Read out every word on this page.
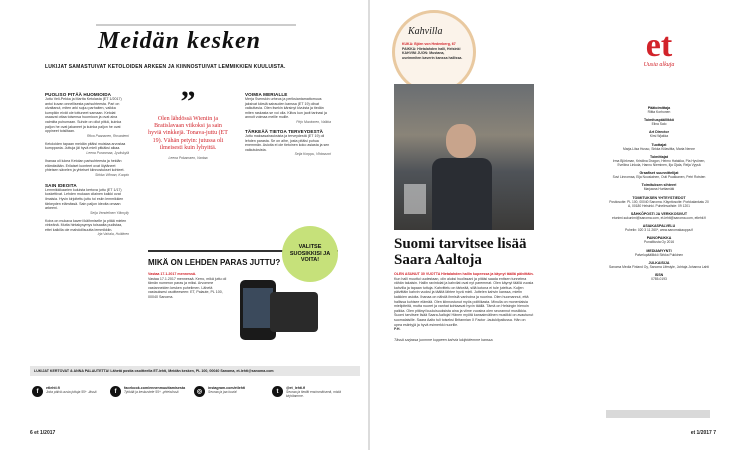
Meidän kesken
LUKIJAT SAMASTUIVAT KETOLOIDEN ARKEEN JA KIINNOSTUIVAT LEMMIKKIEN KUULUISTA.
PUOLISO PITÄÄ HUOMIOIDA
Juttu Veli-Pekka ja Martta Ketolasta (ET 1/2017) antoi kuvan onnellisesta parisuhteesta. Pari on olvaltanut, miten arki sujuu parhaiten, vaikka kumpikin eivät ole tottuneet samaan. Ketolat osaavat ottaa toisensa huomioon ja ovat aina valmiita puhumaan. Suhde on ollut pitkä, kuinka paljon he ovat jakaneet ja kuinka paljon he ovat oppineet toisiltaan.
Ritva Paananen, Rovaniemi
Ketoloiden tapaan meidän pitäisi muistaa arvostaa kumppania. Juttuja jäi hyvä mieli pitkäksi aikaa.
Leena Puranmaa, Jyväskylä
Ihanaa oli lukea Ketolan parisuhteesta ja heidän elämästään. Erilaiset luonteet ovat löytäneet yhteisen sävelen ja yhteiset kiinnostukset kohteet.
Sirkka Villman, Kuopio
SAIN IDEOITA
Lemmikkikaarien kuluista kertova juttu (ET 1/17) koskettivat. Lehden mukaan cilainen kaikki ovat ilmaisia. Hyvin kirjoitettu juttu toi esiin lemmikkien tärkeyden elämässä. Sain paljon ideoita omaan arkeeni.
Seija Vendelinen Ylämylly
Koira on mukava kaveri ikäihmiselle ja pitää mielen virkeänä. Mutta hintakysymys toisaalta pudistaa, ettei kaikilla ole mahdollisuutta lemmikkiin.
Irja Vahala, Huittinen
”
Olen lähdössä Wieniin ja Bratislavaan viikoksi ja sain hyviä vinkkejä. Tonava-juttu (ET 19). Vähän petyin: jutussa oli ilmeisesti kuin lyhyittä.
Leena Pokamaen, Vantaa
VOIMIA MERIALLE
Merja Svenskin urheus ja periksiantamattomuus jaksivat kärsiä sairauden kanssa (ET 19) olivat vaikuttavia. Olen itsekin kärsinyt kivuista ja tiedän miten raskasta se voi olla. Kiitos kun jaoit tarinasi ja annoit voimaa meille muille.
Pirjo Muotonen, Valkka
TÄRKEÄÄ TIETOA TERVEYDESTÄ
Juttu maksasairauksista ja terveydestä (ET 19) oli lehden parasta. Se on aihe, josta pitäisi puhua enemmän. Asioita ei ole tietoinen koko asiasta ja sen vaikutuksista.
Seija Korppu, Vihtavuori
MIKÄ ON LEHDEN PARAS JUTTU?
Vastaa 17.1.2017 mennessä.
Vastaa 17.1.2017 mennessä. Kerro, mikä juttu oli tämän numeron paras ja miksi. Arvomme vastanneiden kesken puhelimen. Lähetä vastauksesi osoitteeseen: ET, Palaute, PL 100, 00040 Sanoma.
VALITSE SUOSIKKISI JA VOITA!
LUKIJAT KERTOVAT & ANNA PALAUTETTA! Lähetä postia osoitteella ET-lehti, Meidän kesken, PL 100, 00040 Sanoma, et-lehti@sanoma.com
f
etlehti.fi
Joka päivä uusia juttuja 55+ -iässä	f
facebook.com/ennenmuuttamisesta
Tykkää ja keskustele 55+ -yhteisössä	◎
instagram.com/etlehti
Seuraa ja jaa kuvia!	t
@et_lehti.fi
Seuraa ja tiedät ensimmäisenä, mistä kirjoitamme.
6 et 1/2017
Kahvilla
KUKA: Björn von Hedenberg, 67
PAIKKA: Hietalahden halli, Helsinki
KAHVINI JUON: Mustana, useimmiten kaverin kanssa hallissa.
Suomi tarvitsee lisää Saara Aaltoja
OLEN ASUNUT 30 VUOTTA Hietalahden hallin kupeessa ja käynyt täällä päivittäin.
Kun halli muuttui uudestaan, olin aluksi huolissani ja pitäisi saada entisen tunnelma vähän takaisin. Hallin ravintolat ja kahvilat ovat nyt paremmat. Olen käynyt täällä vuosia kahvilla ja tapaan tuttuja. Kahvittelu on tärkeää, sillä kotona ei tule juteltua. Kuljen päivittäin kahvin vuoksi ja täältä lähtee hyvä mieli. Juttelen kahvin kanssa, mietin kaikkien asioita. Ihanaa on nähdä ihmisiä vanhoina ja nuorina. Olen huomannut, että hallissa kuhisee elämää. Olen kiinnostunut myös politiikasta. Minulla on monenlaisia mielipiteitä, mutta nuoret ja vanhat kohtaavat hyvin täällä. Tämä on Helsingin hienoin paikka. Olen pitänyt kuuluisuuksista aina ja viime vuosina olen seurannut musiikkia. Suomi tarvitsee lisää Saara Aaltoja! Hänen myötä kansainvälinen musiikki on avautunut suomalaisille. Saara Aalto tuli toiseksi Britannian X Factor -laulukilpailussa. Hän on upea esiintyjä ja hyvä esimerkki nuorille.
P.H.
Tässä sarjassa juomme kuppeen kahvia lukijoidemme kanssa.
et
Uusia alkuja

Päätoimittaja

Riitta Korhonen

Toimituspäällikkö

Elina Salo

Art Director

Kirsi Wjakka

Tuottajat

Marja-Liisa Husso, Sirkka Kiilaviitta, Maria Nenne

Toimittajat

Irma Björkman, Kristiina Dragon, Heimo Hatakka, Pia Hyvönen, Eveliina Linkola, Hannu Nieminen, Ilja Ojala, Reija Vyysä

Graafiset suunnittelijat

Suvi Linnomaa, Eija Nousiainen, Outi Puakkanen, Petri Rotsten

Toimituksen sihteeri

Marjaana Hurttamäki

TOIMITUKSEN YHTEYSTIEDOT

Postiosoite: PL 100, 00040 Sanoma. Käyntiosoite: Porkkalankatu 20 A, 00180 Helsinki. Puhelinvaihde: 09 1201

SÄHKÖPOSTI JA VERKKOSIVUT

etunimi.sukunimi@sanoma.com, et-lehti@sanoma.com, etlehti.fi

ASIAKASPALVELU

Puhelin: 020 3 11 260*, www.sanomakauppa.fi

PAINOPAIKKA

PunaMusta Oy 2016

MEDIAMYYNTI

Palvelupäällikkö Sirkka Pukkinen

JULKAISIJA

Sanoma Media Finland Oy, Sanoma Lifestyle, Johtaja Johanna Lahti

ISSN

0785-0193

et 1/2017 7
